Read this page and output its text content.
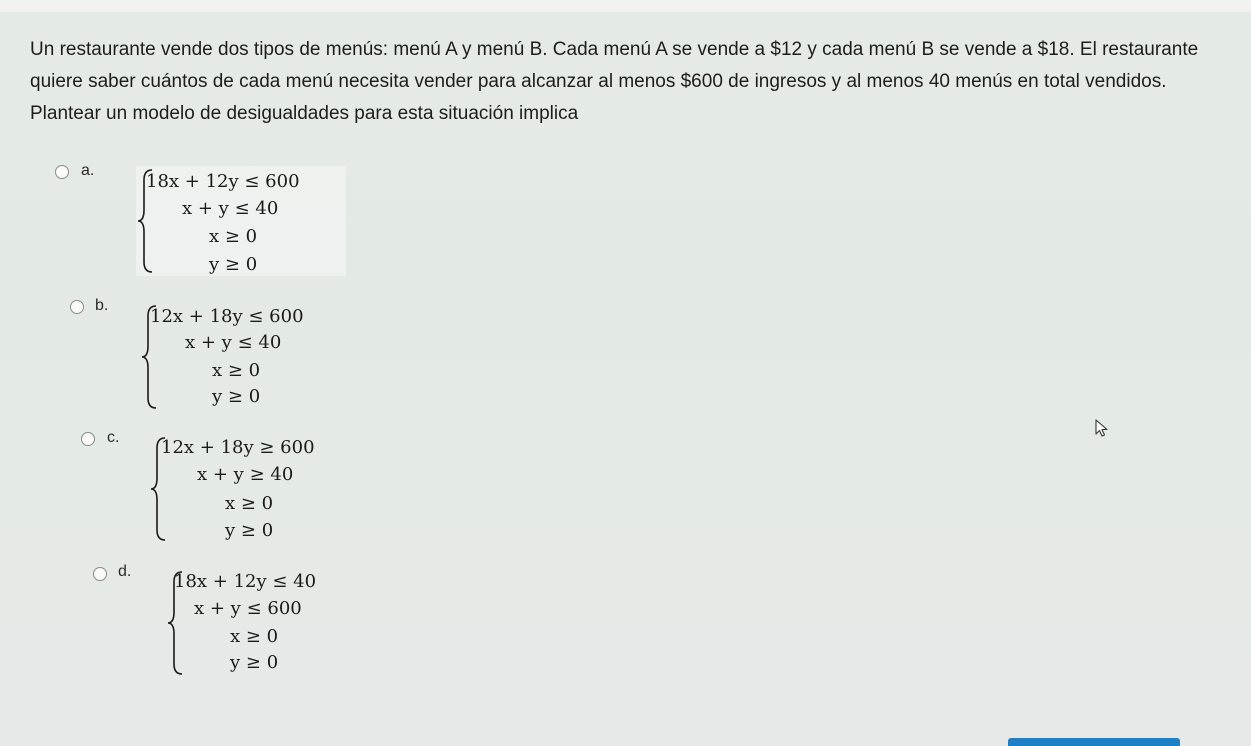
Un restaurante vende dos tipos de menús: menú A y menú B. Cada menú A se vende a $12 y cada menú B se vende a $18. El restaurante quiere saber cuántos de cada menú necesita vender para alcanzar al menos $600 de ingresos y al menos 40 menús en total vendidos. Plantear un modelo de desigualdades para esta situación implica
a.
18x + 12y ≤ 600
x + y ≤ 40
x ≥ 0
y ≥ 0
b.
12x + 18y ≤ 600
x + y ≤ 40
x ≥ 0
y ≥ 0
c. 12x + 18y ≥ 600
x + y ≥ 40
x ≥ 0
y ≥ 0
d. 18x + 12y ≤ 40
x + y ≤ 600
x ≥ 0
y ≥ 0
